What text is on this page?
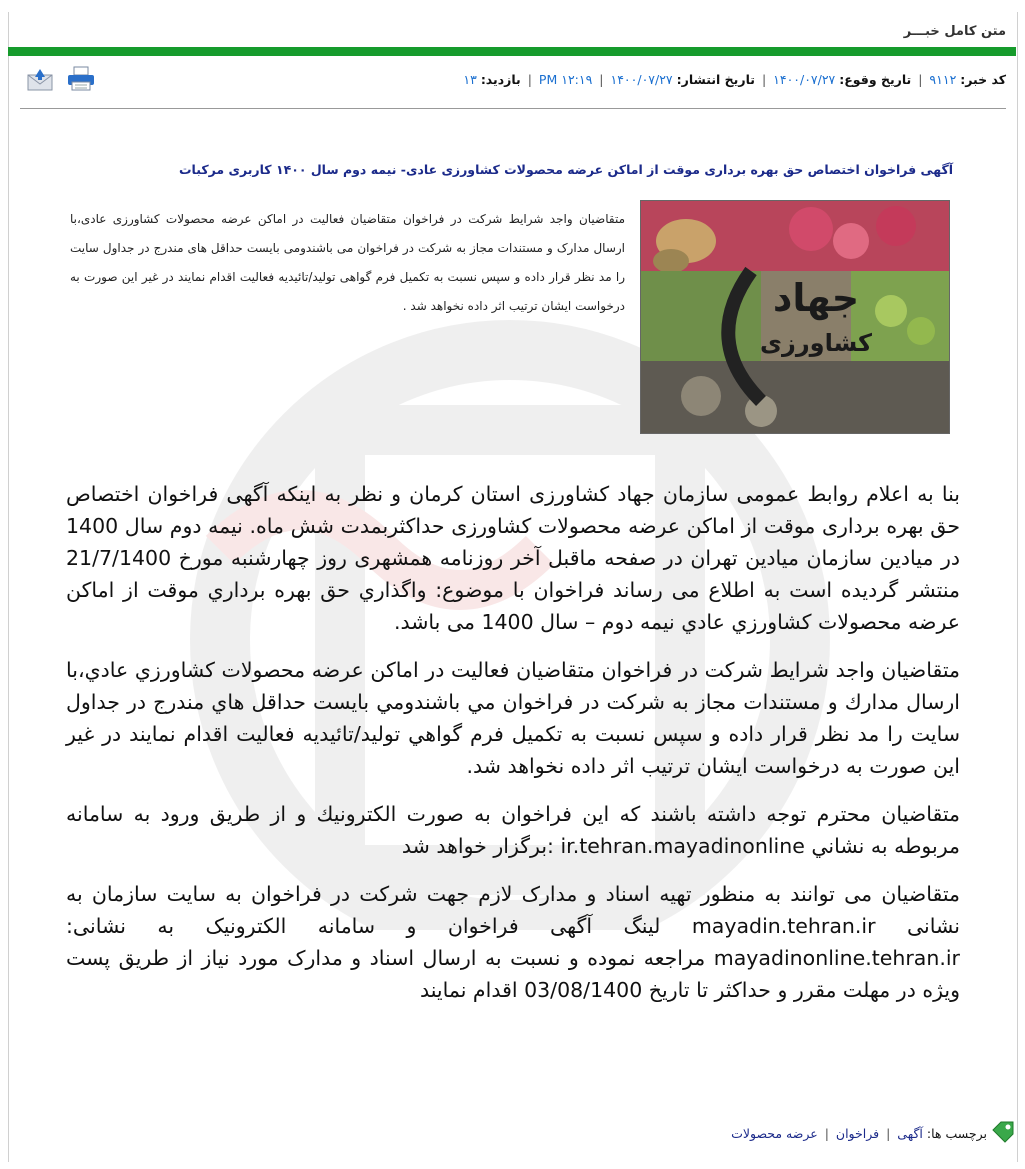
متن کامل خبـــر
کد خبر: ۹۱۱۲ | تاریخ وقوع: ۱۴۰۰/۰۷/۲۷ | تاریخ انتشار: ۱۴۰۰/۰۷/۲۷ | ۱۲:۱۹ PM | بازدید: ۱۳
آگهی فراخوان اختصاص حق بهره برداری موقت از اماکن عرضه محصولات کشاورزی عادی- نیمه دوم سال ۱۴۰۰ کاربری مرکبات
جهاد
کشاورزی
متقاضیان واجد شرایط شرکت در فراخوان متقاضیان فعالیت در اماکن عرضه محصولات کشاورزی عادی،با ارسال مدارک و مستندات مجاز به شرکت در فراخوان می باشندومی بایست حداقل های مندرج در جداول سایت را مد نظر قرار داده و سپس نسبت به تکمیل فرم گواهی تولید/تائیدیه فعالیت اقدام نمایند در غیر این صورت به درخواست ایشان ترتیب اثر داده نخواهد شد .

بنا به اعلام روابط عمومی سازمان جهاد کشاورزی استان کرمان و نظر به اینکه آگهی فراخوان اختصاص حق بهره برداری موقت از اماکن عرضه محصولات کشاورزی حداکثربمدت شش ماه. نیمه دوم سال 1400 در میادین سازمان میادین تهران در صفحه ماقبل آخر روزنامه همشهری روز چهارشنبه مورخ 21/7/1400 منتشر گردیده است به اطلاع می رساند فراخوان با موضوع: واگذاري حق بهره برداري موقت از اماکن عرضه محصولات كشاورزي عادي نيمه دوم – سال 1400 می باشد.

متقاضيان واجد شرايط شركت در فراخوان متقاضيان فعاليت در اماكن عرضه محصولات كشاورزي عادي،با ارسال مدارك و مستندات مجاز به شركت در فراخوان مي باشندومي بايست حداقل هاي مندرج در جداول سايت را مد نظر قرار داده و سپس نسبت به تكميل فرم گواهي توليد/تائيديه فعاليت اقدام نمايند در غير اين صورت به درخواست ايشان ترتيب اثر داده نخواهد شد.

متقاضيان محترم توجه داشته باشند كه اين فراخوان به صورت الكترونيك و از طريق ورود به سامانه مربوطه به نشاني ir.tehran.mayadinonline :برگزار خواهد شد

متقاضیان می توانند به منظور تهیه اسناد و مدارک لازم جهت شرکت در فراخوان به سایت سازمان به نشانی mayadin.tehran.ir لینگ آگهی فراخوان و سامانه الکترونیک به نشانی: mayadinonline.tehran.ir مراجعه نموده و نسبت به ارسال اسناد و مدارک مورد نیاز از طریق پست ویژه در مهلت مقرر و حداکثر تا تاریخ 03/08/1400 اقدام نمایند

برچسب ها: آگهی | فراخوان | عرضه محصولات
